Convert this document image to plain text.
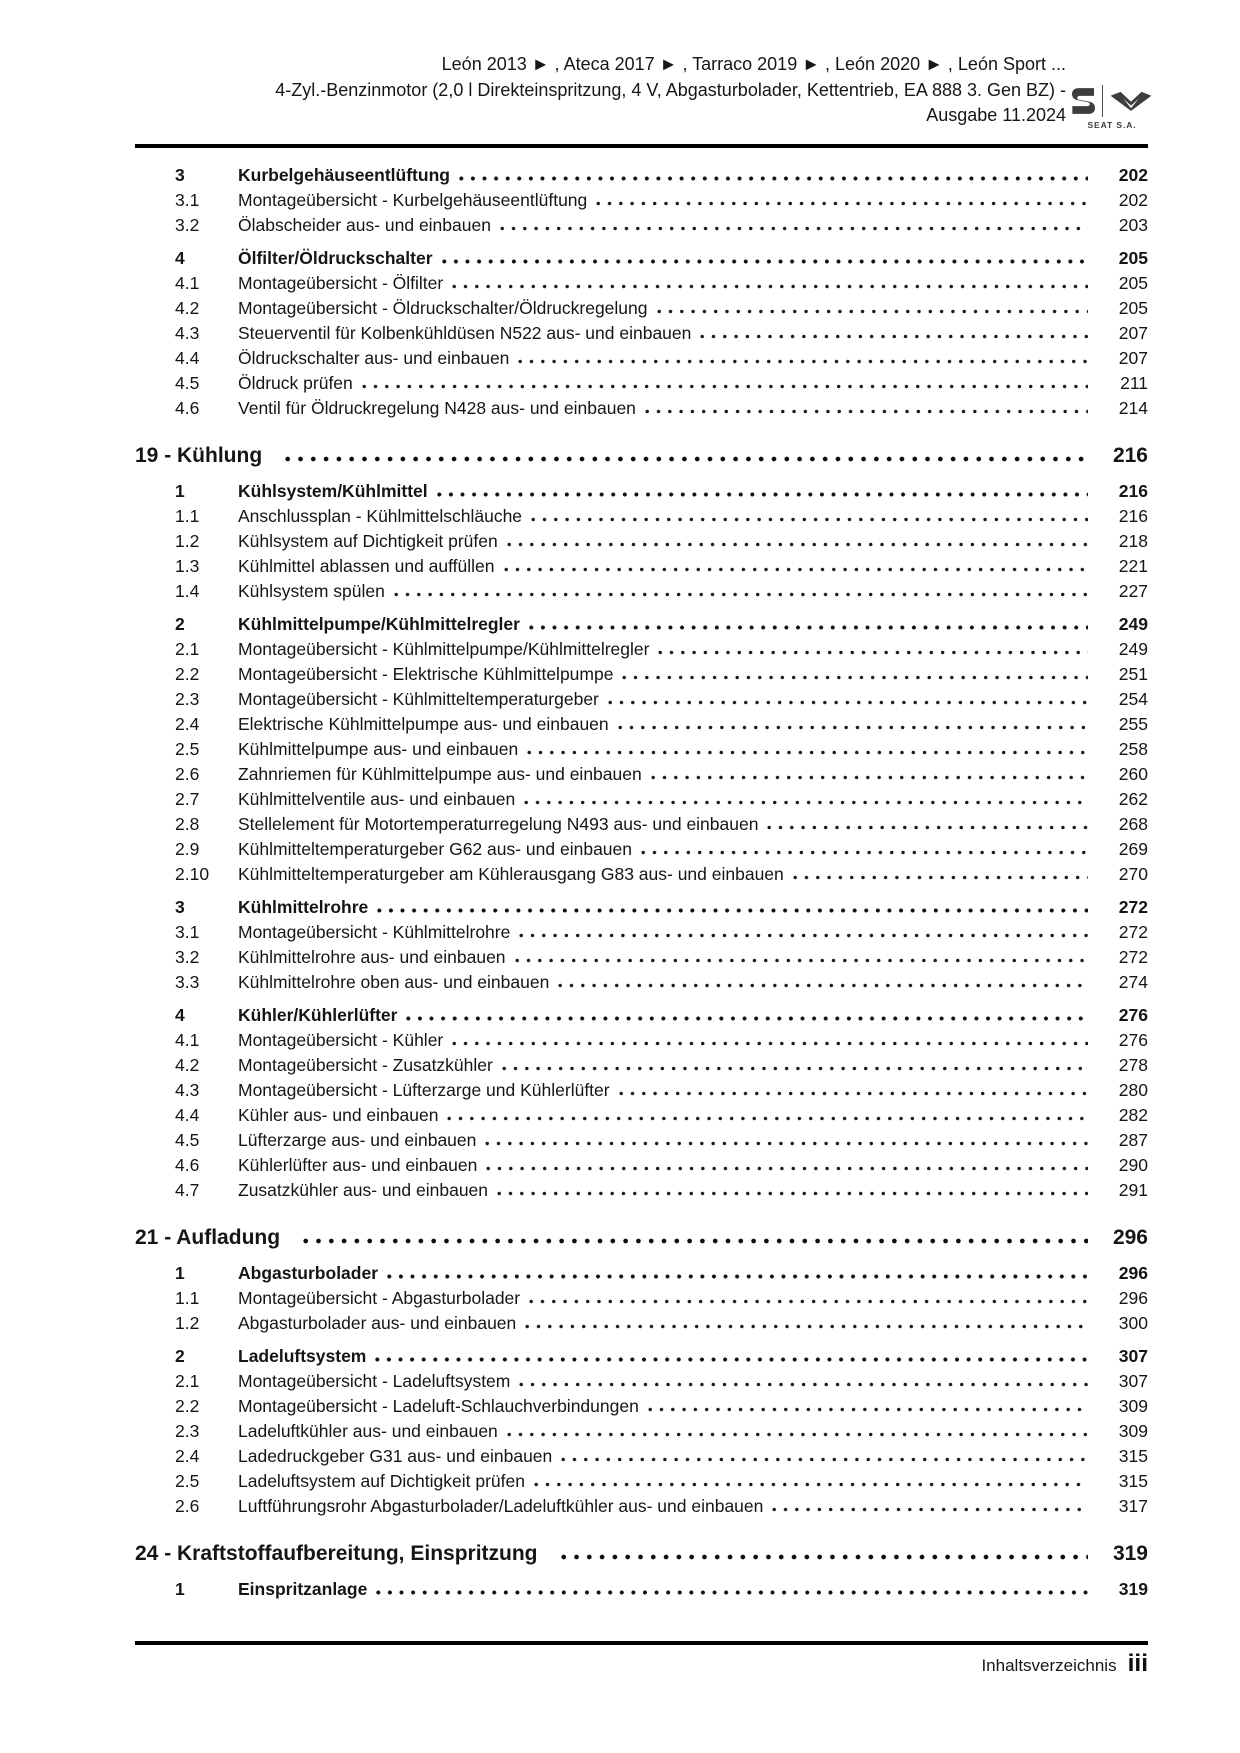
León 2013 ► , Ateca 2017 ► , Tarraco 2019 ► , León 2020 ► , León Sport ...
4-Zyl.-Benzinmotor (2,0 l Direkteinspritzung, 4 V, Abgasturbolader, Kettentrieb, EA 888 3. Gen BZ) -
Ausgabe 11.2024	SEAT S.A.
3	Kurbelgehäuseentlüftung	202
3.1	Montageübersicht - Kurbelgehäuseentlüftung	202
3.2	Ölabscheider aus- und einbauen	203
4	Ölfilter/Öldruckschalter	205
4.1	Montageübersicht - Ölfilter	205
4.2	Montageübersicht - Öldruckschalter/Öldruckregelung	205
4.3	Steuerventil für Kolbenkühldüsen N522 aus- und einbauen	207
4.4	Öldruckschalter aus- und einbauen	207
4.5	Öldruck prüfen	211
4.6	Ventil für Öldruckregelung N428 aus- und einbauen	214
19 - Kühlung	216
1	Kühlsystem/Kühlmittel	216
1.1	Anschlussplan - Kühlmittelschläuche	216
1.2	Kühlsystem auf Dichtigkeit prüfen	218
1.3	Kühlmittel ablassen und auffüllen	221
1.4	Kühlsystem spülen	227
2	Kühlmittelpumpe/Kühlmittelregler	249
2.1	Montageübersicht - Kühlmittelpumpe/Kühlmittelregler	249
2.2	Montageübersicht - Elektrische Kühlmittelpumpe	251
2.3	Montageübersicht - Kühlmitteltemperaturgeber	254
2.4	Elektrische Kühlmittelpumpe aus- und einbauen	255
2.5	Kühlmittelpumpe aus- und einbauen	258
2.6	Zahnriemen für Kühlmittelpumpe aus- und einbauen	260
2.7	Kühlmittelventile aus- und einbauen	262
2.8	Stellelement für Motortemperaturregelung N493 aus- und einbauen	268
2.9	Kühlmitteltemperaturgeber G62 aus- und einbauen	269
2.10	Kühlmitteltemperaturgeber am Kühlerausgang G83 aus- und einbauen	270
3	Kühlmittelrohre	272
3.1	Montageübersicht - Kühlmittelrohre	272
3.2	Kühlmittelrohre aus- und einbauen	272
3.3	Kühlmittelrohre oben aus- und einbauen	274
4	Kühler/Kühlerlüfter	276
4.1	Montageübersicht - Kühler	276
4.2	Montageübersicht - Zusatzkühler	278
4.3	Montageübersicht - Lüfterzarge und Kühlerlüfter	280
4.4	Kühler aus- und einbauen	282
4.5	Lüfterzarge aus- und einbauen	287
4.6	Kühlerlüfter aus- und einbauen	290
4.7	Zusatzkühler aus- und einbauen	291
21 - Aufladung	296
1	Abgasturbolader	296
1.1	Montageübersicht - Abgasturbolader	296
1.2	Abgasturbolader aus- und einbauen	300
2	Ladeluftsystem	307
2.1	Montageübersicht - Ladeluftsystem	307
2.2	Montageübersicht - Ladeluft-Schlauchverbindungen	309
2.3	Ladeluftkühler aus- und einbauen	309
2.4	Ladedruckgeber G31 aus- und einbauen	315
2.5	Ladeluftsystem auf Dichtigkeit prüfen	315
2.6	Luftführungsrohr Abgasturbolader/Ladeluftkühler aus- und einbauen	317
24 - Kraftstoffaufbereitung, Einspritzung	319
1	Einspritzanlage	319
Inhaltsverzeichnis iii
